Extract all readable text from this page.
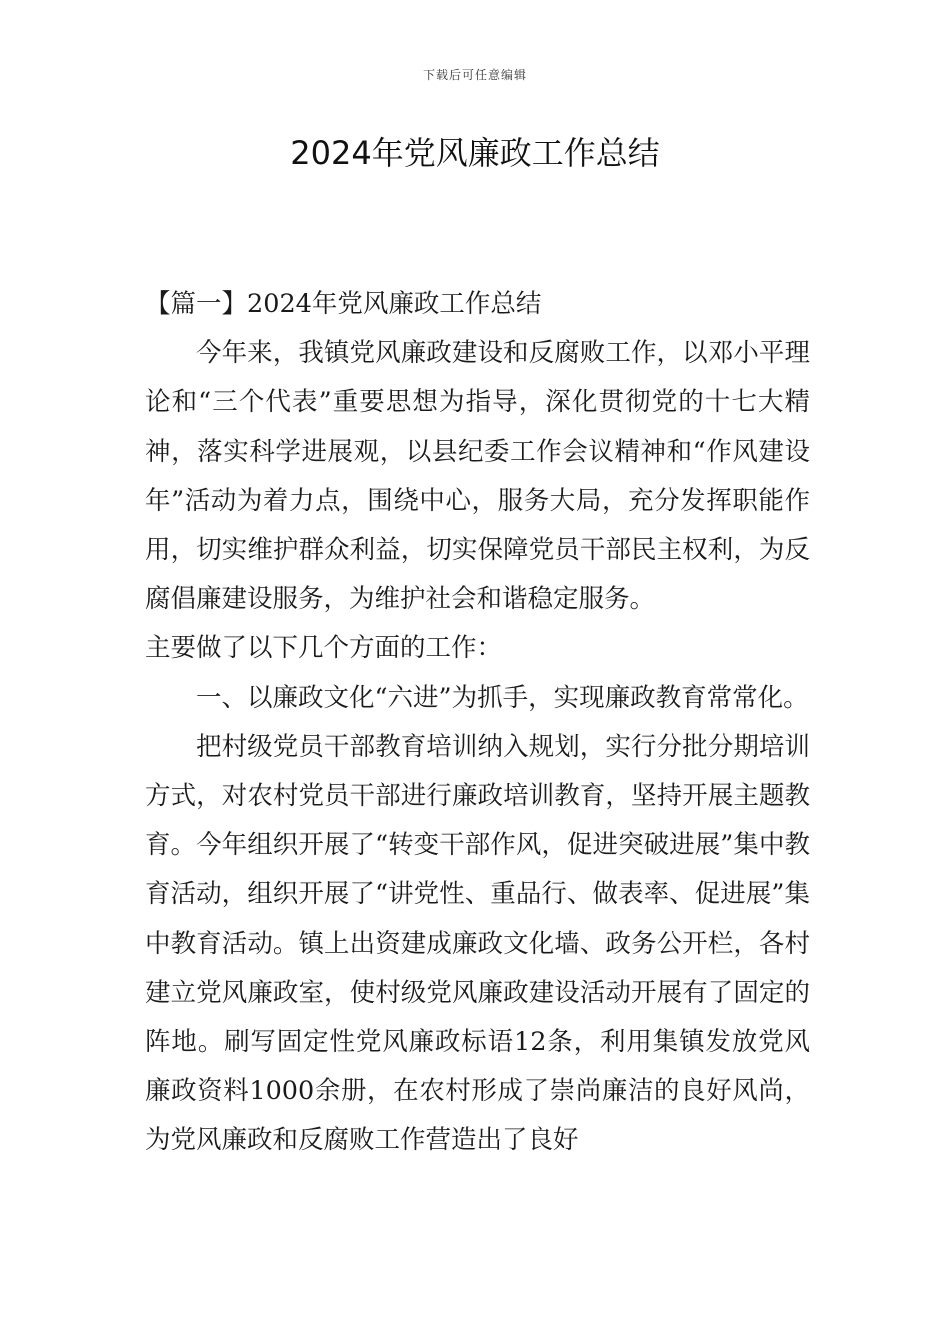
下载后可任意编辑
2024年党风廉政工作总结

【篇一】2024年党风廉政工作总结

今年来，我镇党风廉政建设和反腐败工作，以邓小平理论和“三个代表”重要思想为指导，深化贯彻党的十七大精神，落实科学进展观，以县纪委工作会议精神和“作风建设年”活动为着力点，围绕中心，服务大局，充分发挥职能作用，切实维护群众利益，切实保障党员干部民主权利，为反腐倡廉建设服务，为维护社会和谐稳定服务。

主要做了以下几个方面的工作：

一、以廉政文化“六进”为抓手，实现廉政教育常常化。

把村级党员干部教育培训纳入规划，实行分批分期培训方式，对农村党员干部进行廉政培训教育，坚持开展主题教育。今年组织开展了“转变干部作风，促进突破进展”集中教育活动，组织开展了“讲党性、重品行、做表率、促进展”集中教育活动。镇上出资建成廉政文化墙、政务公开栏，各村建立党风廉政室，使村级党风廉政建设活动开展有了固定的阵地。刷写固定性党风廉政标语12条，利用集镇发放党风廉政资料1000余册，在农村形成了崇尚廉洁的良好风尚，为党风廉政和反腐败工作营造出了良好
